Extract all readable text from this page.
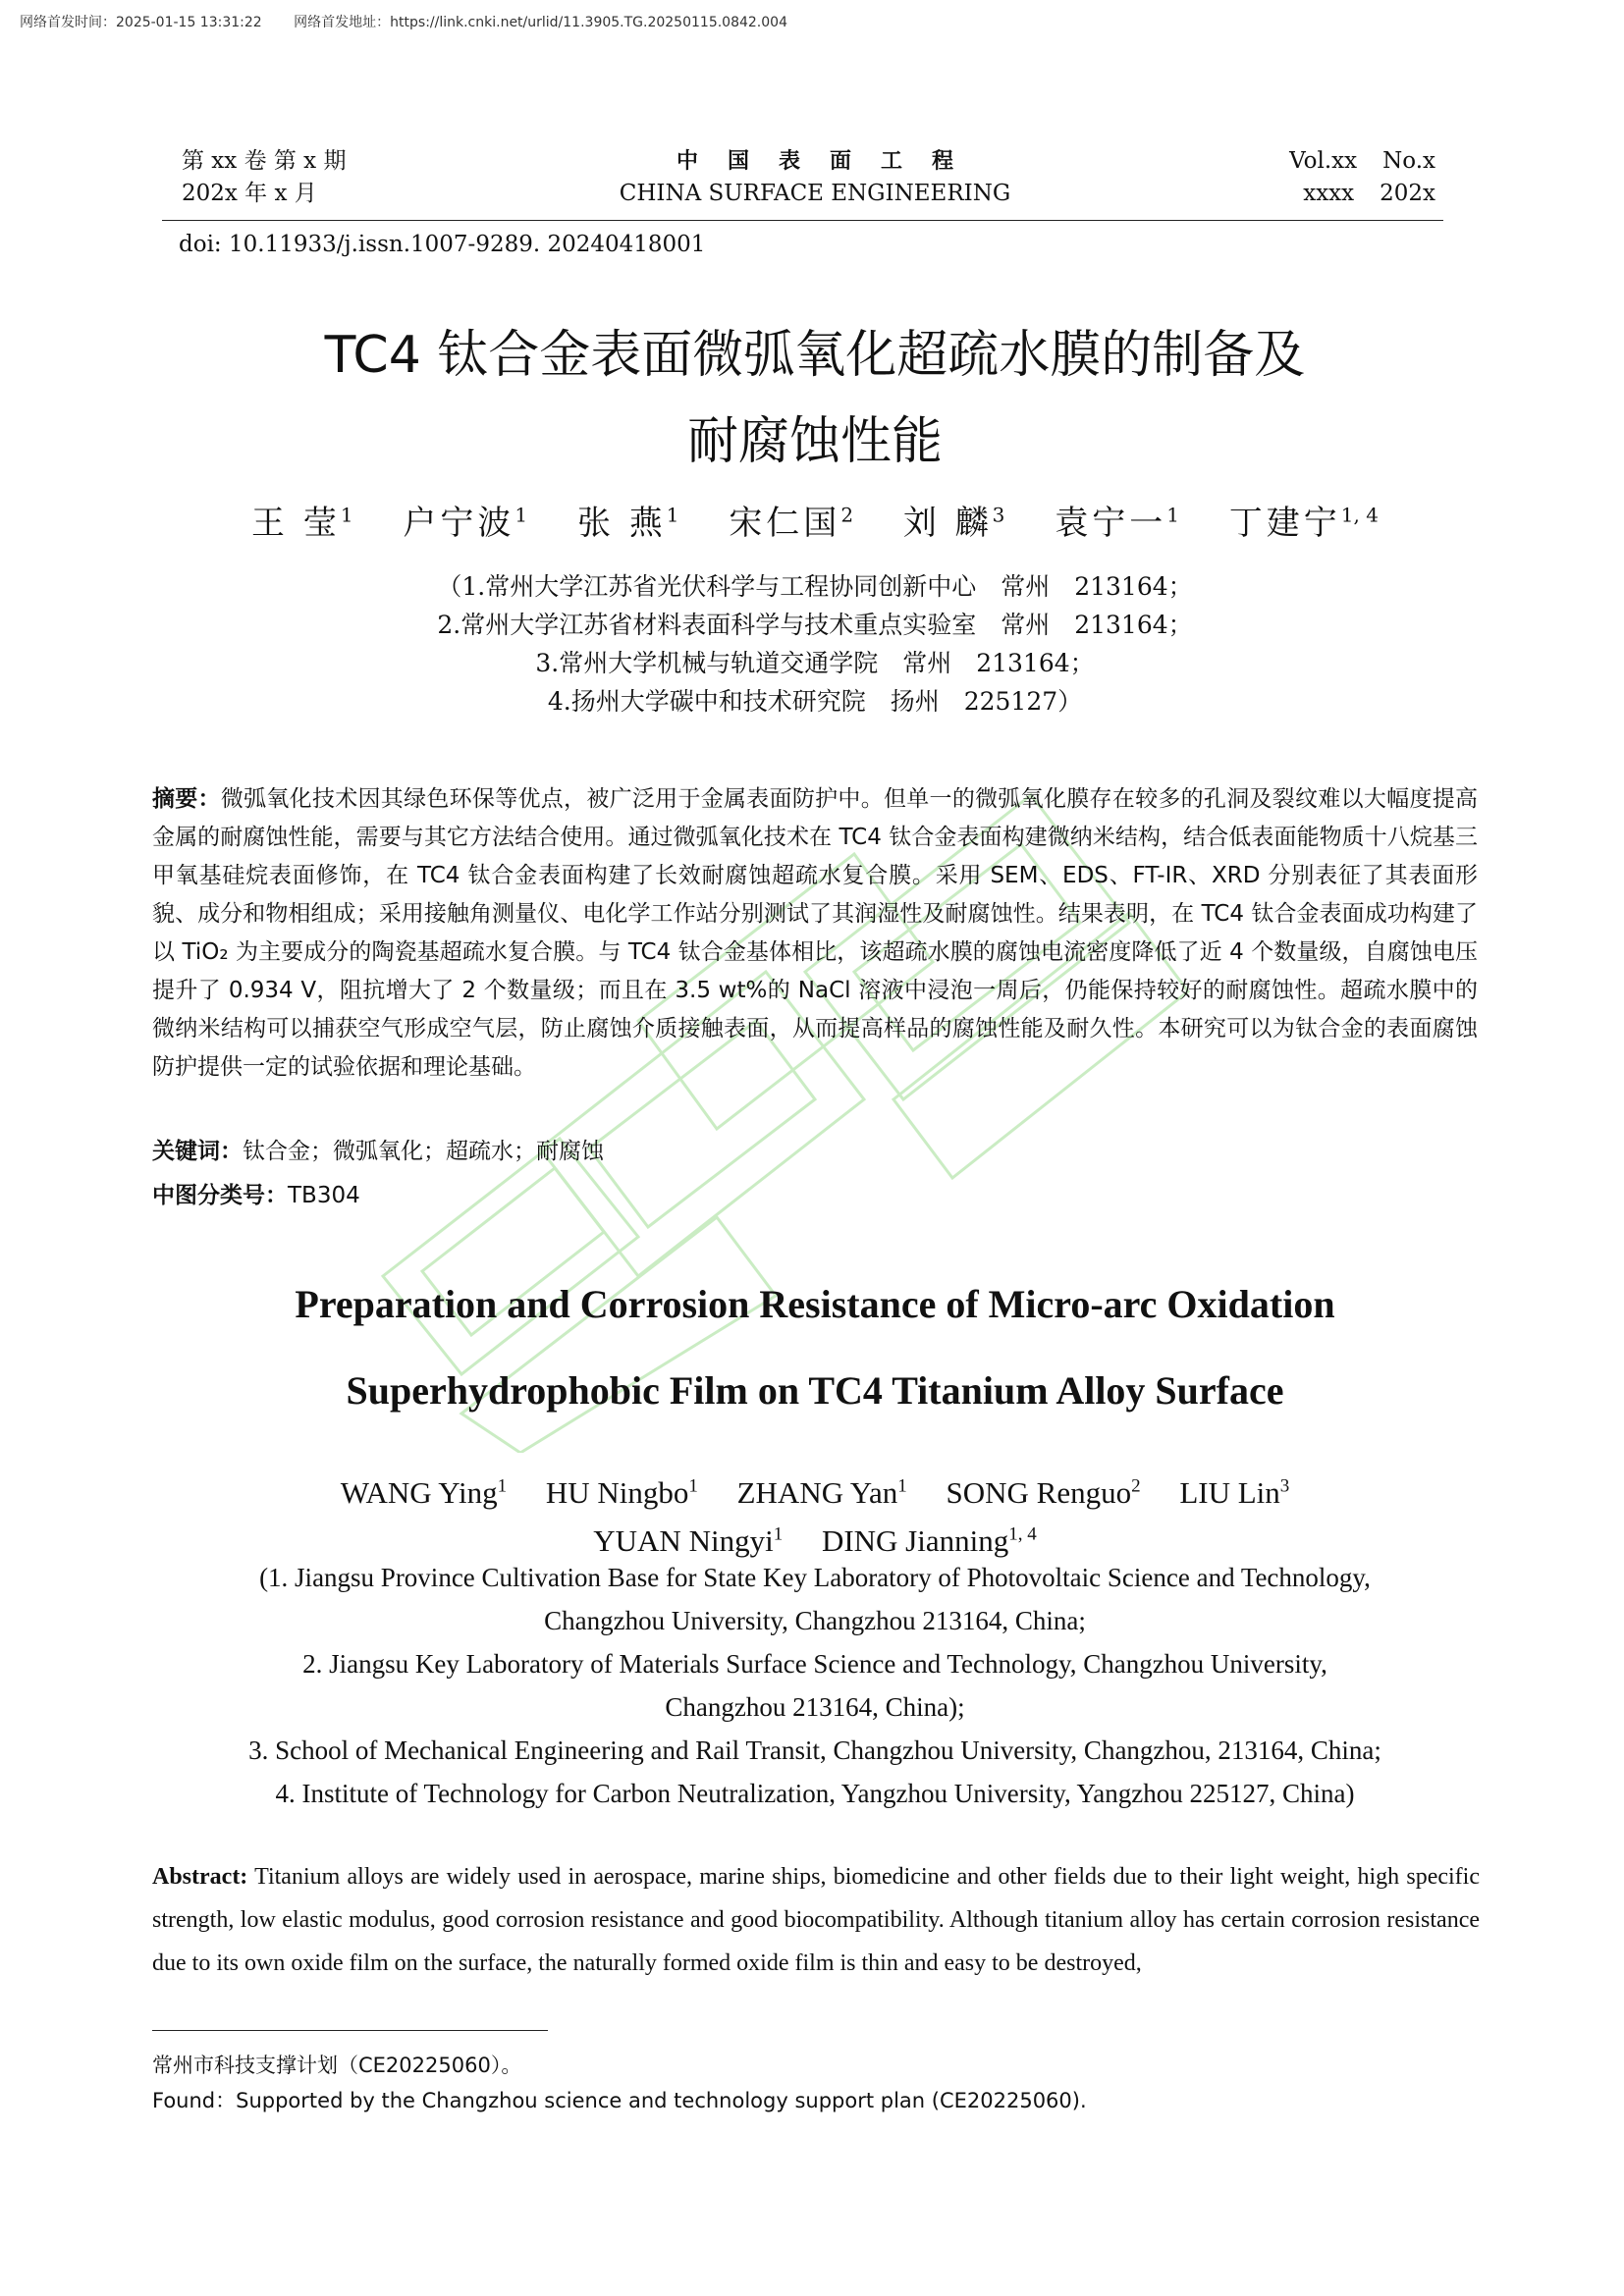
网络首发时间：2025-01-15 13:31:22 网络首发地址：https://link.cnki.net/urlid/11.3905.TG.20250115.0842.004
第 xx 卷 第 x 期
202x 年 x 月
中国表面工程
CHINA SURFACE ENGINEERING
Vol.xx No.x
xxxx 202x
doi: 10.11933/j.issn.1007-9289. 20240418001
TC4 钛合金表面微弧氧化超疏水膜的制备及
耐腐蚀性能
王 莹$^1$ 户宁波$^1$ 张 燕$^1$ 宋仁国$^2$ 刘 麟$^3$ 袁宁一$^1$ 丁建宁$^{1, 4}$
（1.常州大学江苏省光伏科学与工程协同创新中心　常州　213164；
2.常州大学江苏省材料表面科学与技术重点实验室　常州　213164；
3.常州大学机械与轨道交通学院　常州　213164；
4.扬州大学碳中和技术研究院　扬州　225127）
摘要：微弧氧化技术因其绿色环保等优点，被广泛用于金属表面防护中。但单一的微弧氧化膜存在较多的孔洞及裂纹难以大幅度提高金属的耐腐蚀性能，需要与其它方法结合使用。通过微弧氧化技术在 TC4 钛合金表面构建微纳米结构，结合低表面能物质十八烷基三甲氧基硅烷表面修饰，在 TC4 钛合金表面构建了长效耐腐蚀超疏水复合膜。采用 SEM、EDS、FT-IR、XRD 分别表征了其表面形貌、成分和物相组成；采用接触角测量仪、电化学工作站分别测试了其润湿性及耐腐蚀性。结果表明，在 TC4 钛合金表面成功构建了以 TiO₂ 为主要成分的陶瓷基超疏水复合膜。与 TC4 钛合金基体相比，该超疏水膜的腐蚀电流密度降低了近 4 个数量级，自腐蚀电压提升了 0.934 V，阻抗增大了 2 个数量级；而且在 3.5 wt%的 NaCl 溶液中浸泡一周后，仍能保持较好的耐腐蚀性。超疏水膜中的微纳米结构可以捕获空气形成空气层，防止腐蚀介质接触表面，从而提高样品的腐蚀性能及耐久性。本研究可以为钛合金的表面腐蚀防护提供一定的试验依据和理论基础。
关键词：钛合金；微弧氧化；超疏水；耐腐蚀
中图分类号：TB304
Preparation and Corrosion Resistance of Micro-arc Oxidation
Superhydrophobic Film on TC4 Titanium Alloy Surface
WANG Ying$^1$ HU Ningbo$^1$ ZHANG Yan$^1$ SONG Renguo$^2$ LIU Lin$^3$
YUAN Ningyi$^1$ DING Jianning$^{1, 4}$
(1. Jiangsu Province Cultivation Base for State Key Laboratory of Photovoltaic Science and Technology,
Changzhou University, Changzhou 213164, China;
2. Jiangsu Key Laboratory of Materials Surface Science and Technology, Changzhou University,
Changzhou 213164, China);
3. School of Mechanical Engineering and Rail Transit, Changzhou University, Changzhou, 213164, China;
4. Institute of Technology for Carbon Neutralization, Yangzhou University, Yangzhou 225127, China)
Abstract: Titanium alloys are widely used in aerospace, marine ships, biomedicine and other fields due to their light weight, high specific strength, low elastic modulus, good corrosion resistance and good biocompatibility. Although titanium alloy has certain corrosion resistance due to its own oxide film on the surface, the naturally formed oxide film is thin and easy to be destroyed,
常州市科技支撑计划（CE20225060）。
Found：Supported by the Changzhou science and technology support plan (CE20225060).
